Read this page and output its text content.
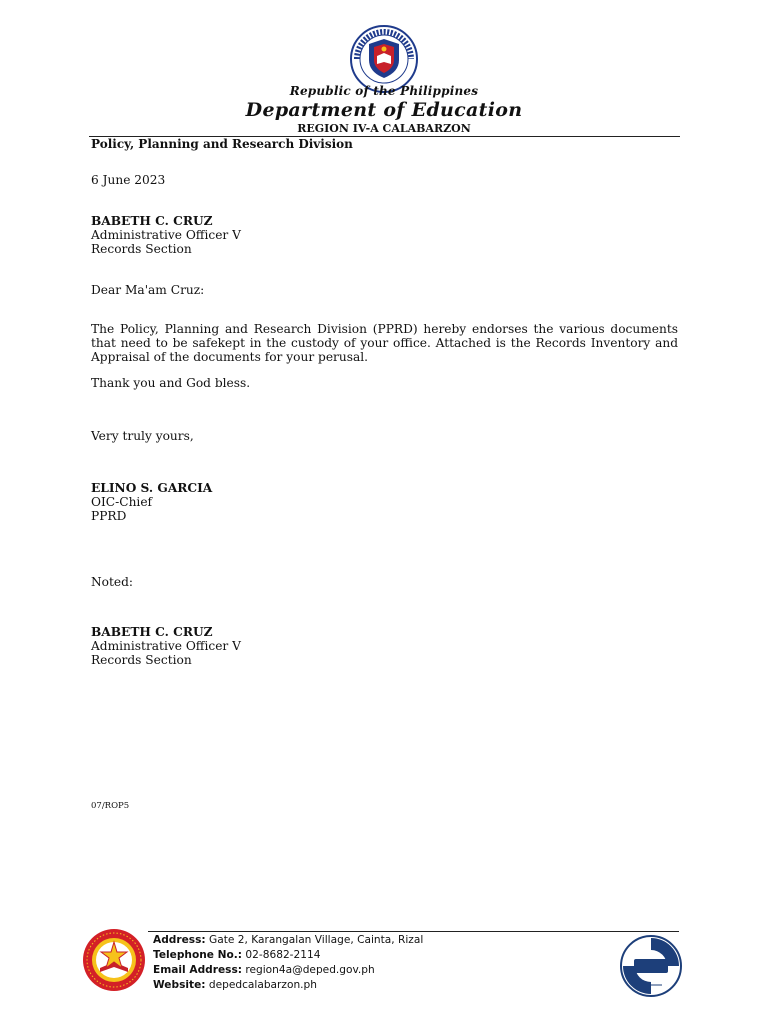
Republic of the Philippines
Department of Education
REGION IV-A CALABARZON
Policy, Planning and Research Division
6 June 2023
BABETH C. CRUZ
Administrative Officer V
Records Section
Dear Ma'am Cruz:
The Policy, Planning and Research Division (PPRD) hereby endorses the various documents that need to be safekept in the custody of your office. Attached is the Records Inventory and Appraisal of the documents for your perusal.
Thank you and God bless.
Very truly yours,
ELINO S. GARCIA
OIC-Chief
PPRD
Noted:
BABETH C. CRUZ
Administrative Officer V
Records Section
07/ROP5
Address: Gate 2, Karangalan Village, Cainta, Rizal
Telephone No.: 02-8682-2114
Email Address: region4a@deped.gov.ph
Website: depedcalabarzon.ph
